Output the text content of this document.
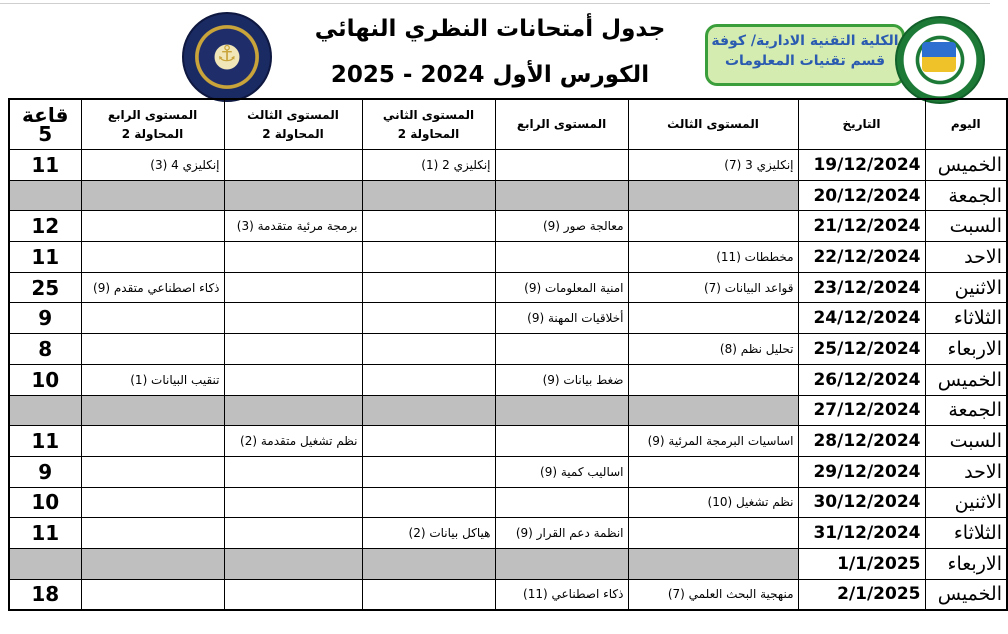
⚓
جدول أمتحانات النظري النهائي
الكورس الأول 2024 - 2025
الكلية التقنية الادارية/ كوفة
قسم تقنيات المعلومات
اليوم	التاريخ	المستوى الثالث	المستوى الرابع	المستوى الثاني المحاولة 2	المستوى الثالث المحاولة 2	المستوى الرابع المحاولة 2	قاعة 5
الخميس	19/12/2024	إنكليزي 3 (7)		إنكليزي 2 (1)		إنكليزي 4 (3)	11
الجمعة	20/12/2024						
السبت	21/12/2024		معالجة صور (9)		برمجة مرئية متقدمة (3)		12
الاحد	22/12/2024	مخططات (11)					11
الاثنين	23/12/2024	قواعد البيانات (7)	امنية المعلومات (9)			ذكاء اصطناعي متقدم (9)	25
الثلاثاء	24/12/2024		أخلاقيات المهنة (9)				9
الاربعاء	25/12/2024	تحليل نظم (8)					8
الخميس	26/12/2024		ضغط بيانات (9)			تنقيب البيانات (1)	10
الجمعة	27/12/2024						
السبت	28/12/2024	اساسيات البرمجة المرئية (9)			نظم تشغيل متقدمة (2)		11
الاحد	29/12/2024		اساليب كمية (9)				9
الاثنين	30/12/2024	نظم تشغيل (10)					10
الثلاثاء	31/12/2024		انظمة دعم القرار (9)	هياكل بيانات (2)			11
الاربعاء	1/1/2025						
الخميس	2/1/2025	منهجية البحث العلمي (7)	ذكاء اصطناعي (11)				18
